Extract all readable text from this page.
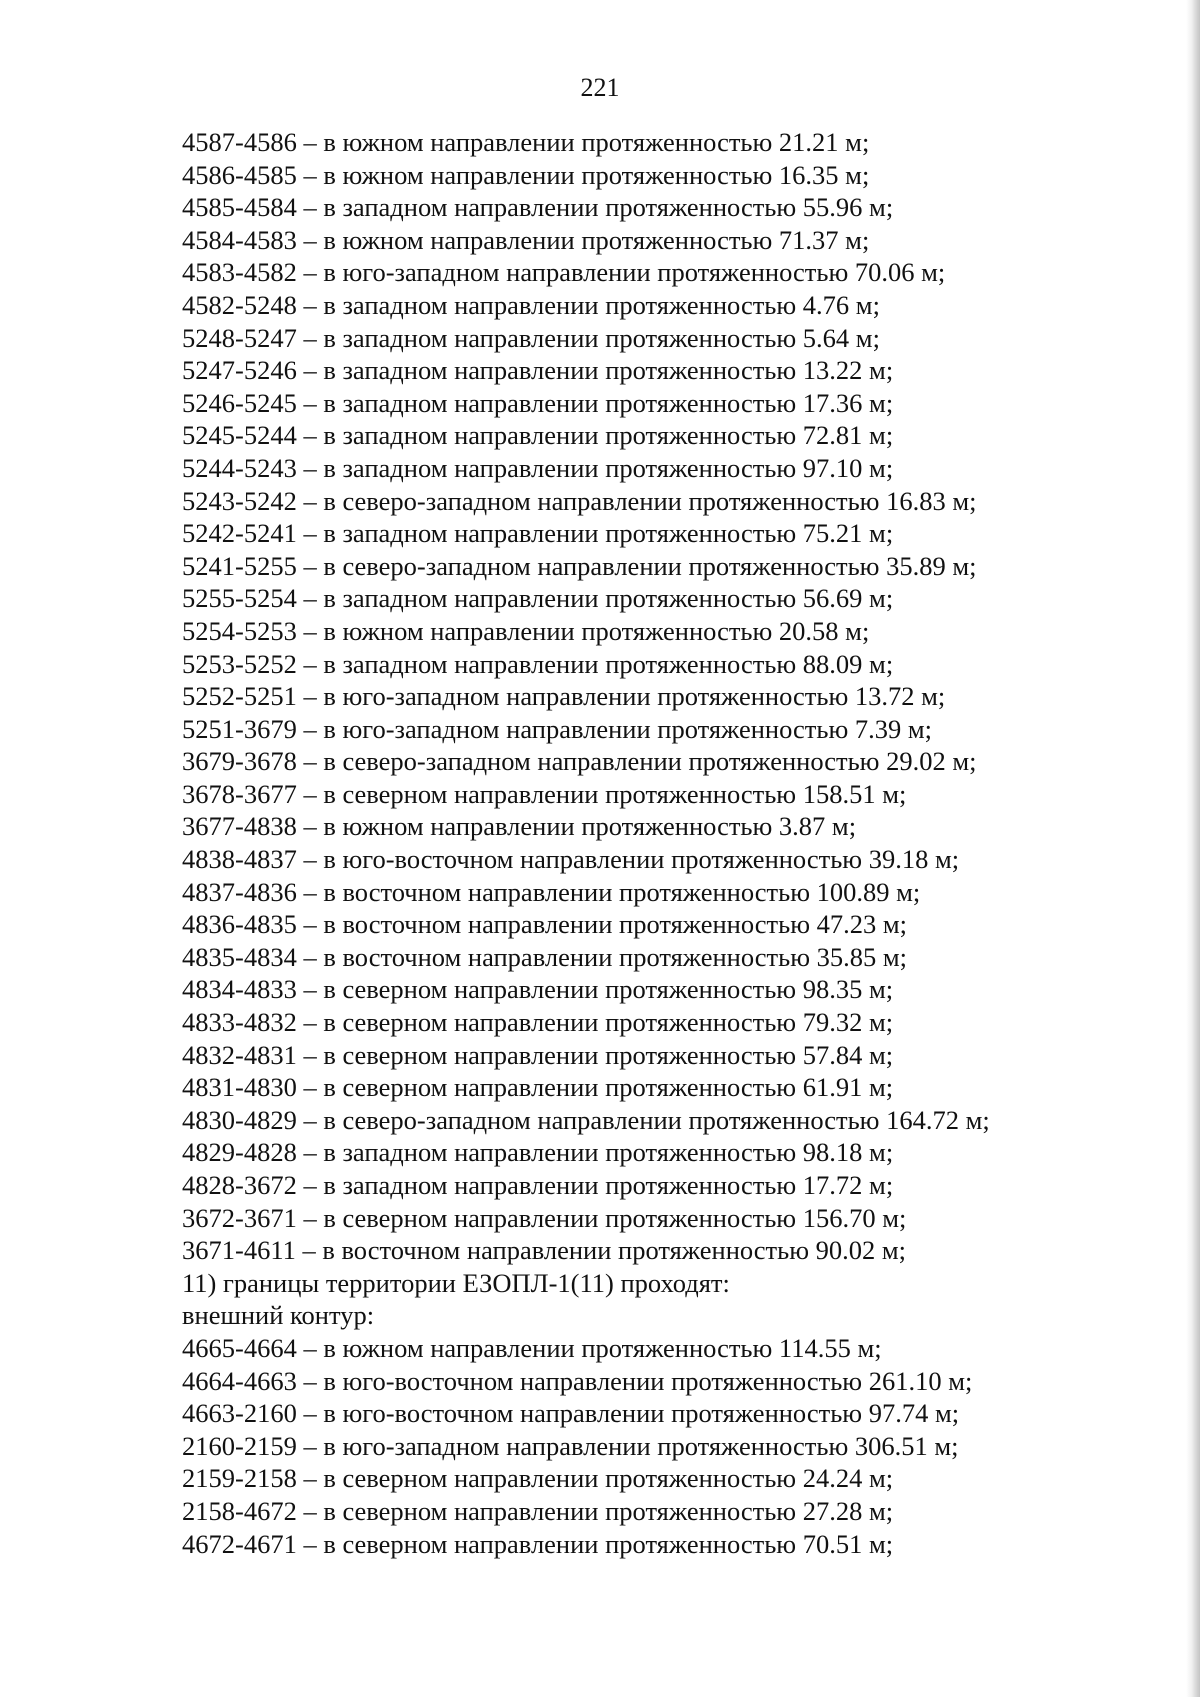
221
4587-4586 – в южном направлении протяженностью 21.21 м;
4586-4585 – в южном направлении протяженностью 16.35 м;
4585-4584 – в западном направлении протяженностью 55.96 м;
4584-4583 – в южном направлении протяженностью 71.37 м;
4583-4582 – в юго-западном направлении протяженностью 70.06 м;
4582-5248 – в западном направлении протяженностью 4.76 м;
5248-5247 – в западном направлении протяженностью 5.64 м;
5247-5246 – в западном направлении протяженностью 13.22 м;
5246-5245 – в западном направлении протяженностью 17.36 м;
5245-5244 – в западном направлении протяженностью 72.81 м;
5244-5243 – в западном направлении протяженностью 97.10 м;
5243-5242 – в северо-западном направлении протяженностью 16.83 м;
5242-5241 – в западном направлении протяженностью 75.21 м;
5241-5255 – в северо-западном направлении протяженностью 35.89 м;
5255-5254 – в западном направлении протяженностью 56.69 м;
5254-5253 – в южном направлении протяженностью 20.58 м;
5253-5252 – в западном направлении протяженностью 88.09 м;
5252-5251 – в юго-западном направлении протяженностью 13.72 м;
5251-3679 – в юго-западном направлении протяженностью 7.39 м;
3679-3678 – в северо-западном направлении протяженностью 29.02 м;
3678-3677 – в северном направлении протяженностью 158.51 м;
3677-4838 – в южном направлении протяженностью 3.87 м;
4838-4837 – в юго-восточном направлении протяженностью 39.18 м;
4837-4836 – в восточном направлении протяженностью 100.89 м;
4836-4835 – в восточном направлении протяженностью 47.23 м;
4835-4834 – в восточном направлении протяженностью 35.85 м;
4834-4833 – в северном направлении протяженностью 98.35 м;
4833-4832 – в северном направлении протяженностью 79.32 м;
4832-4831 – в северном направлении протяженностью 57.84 м;
4831-4830 – в северном направлении протяженностью 61.91 м;
4830-4829 – в северо-западном направлении протяженностью 164.72 м;
4829-4828 – в западном направлении протяженностью 98.18 м;
4828-3672 – в западном направлении протяженностью 17.72 м;
3672-3671 – в северном направлении протяженностью 156.70 м;
3671-4611 – в восточном направлении протяженностью 90.02 м;
11) границы территории ЕЗОПЛ-1(11) проходят:
внешний контур:
4665-4664 – в южном направлении протяженностью 114.55 м;
4664-4663 – в юго-восточном направлении протяженностью 261.10 м;
4663-2160 – в юго-восточном направлении протяженностью 97.74 м;
2160-2159 – в юго-западном направлении протяженностью 306.51 м;
2159-2158 – в северном направлении протяженностью 24.24 м;
2158-4672 – в северном направлении протяженностью 27.28 м;
4672-4671 – в северном направлении протяженностью 70.51 м;
